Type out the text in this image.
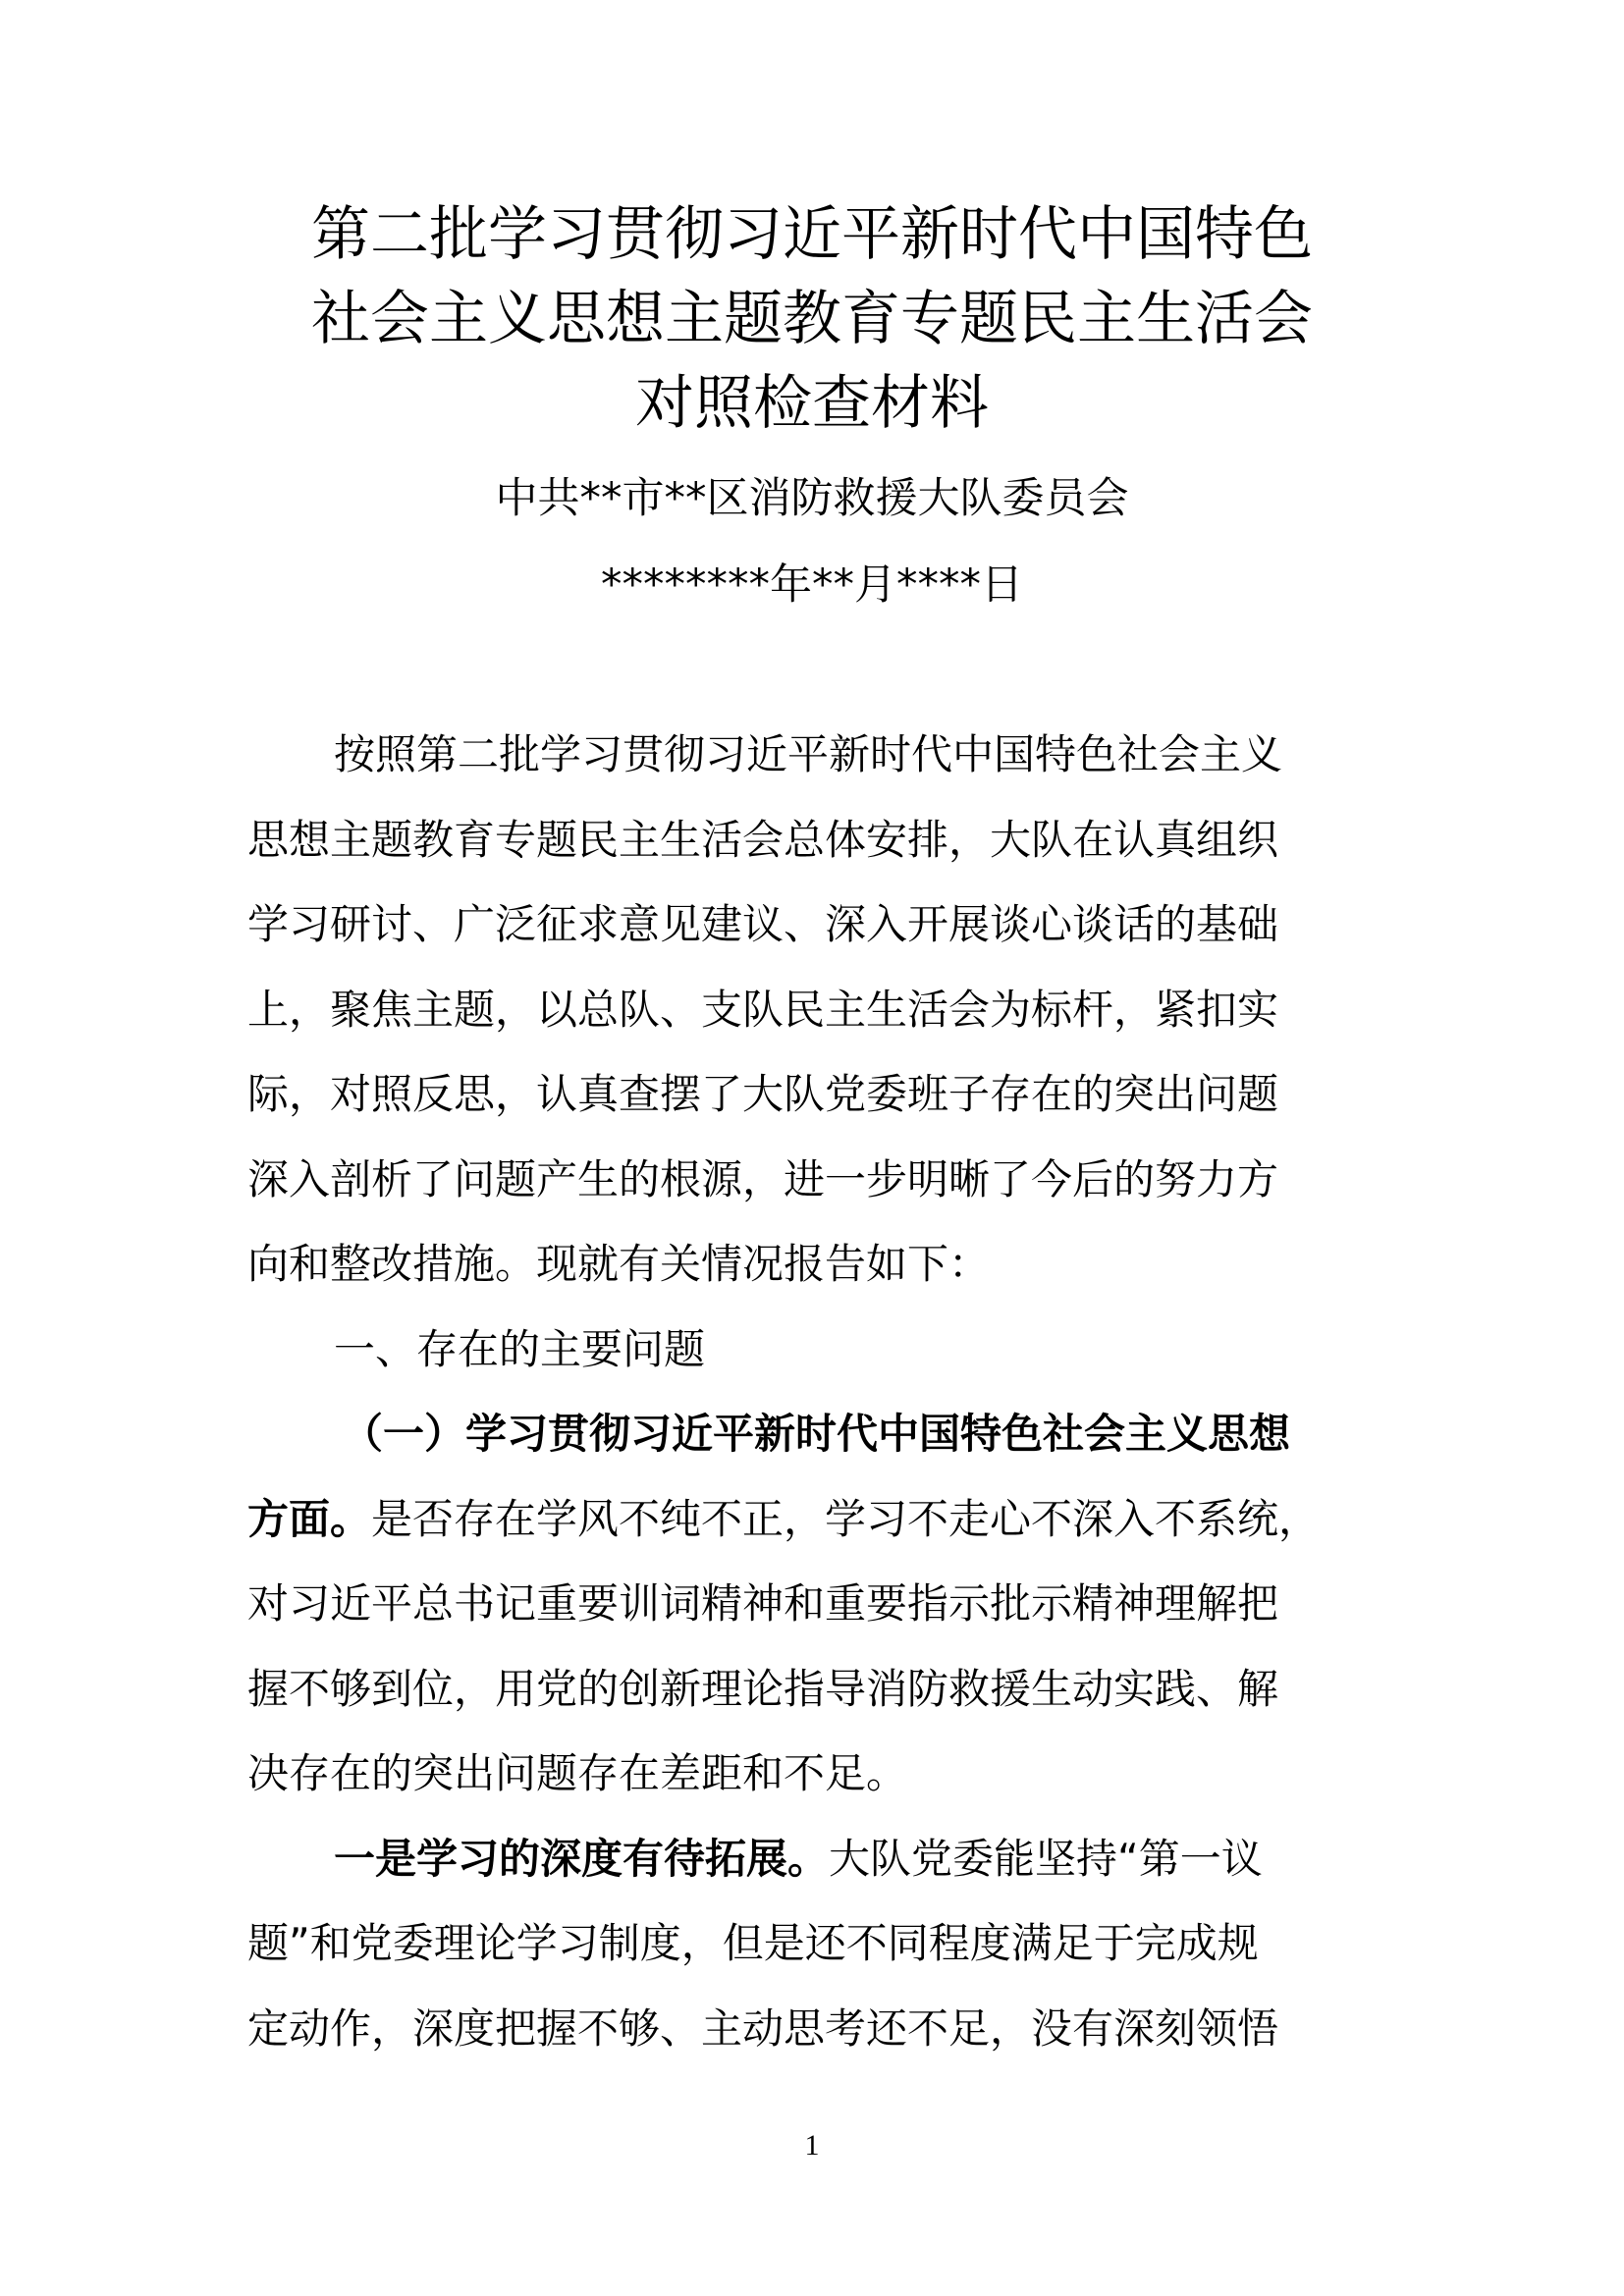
第二批学习贯彻习近平新时代中国特色
社会主义思想主题教育专题民主生活会
对照检查材料
中共**市**区消防救援大队委员会
********年**月****日
按照第二批学习贯彻习近平新时代中国特色社会主义
思想主题教育专题民主生活会总体安排，大队在认真组织
学习研讨、广泛征求意见建议、深入开展谈心谈话的基础
上，聚焦主题，以总队、支队民主生活会为标杆，紧扣实
际，对照反思，认真查摆了大队党委班子存在的突出问题
深入剖析了问题产生的根源，进一步明晰了今后的努力方
向和整改措施。现就有关情况报告如下：
一、存在的主要问题
（一）学习贯彻习近平新时代中国特色社会主义思想
方面。是否存在学风不纯不正，学习不走心不深入不系统，
对习近平总书记重要训词精神和重要指示批示精神理解把
握不够到位，用党的创新理论指导消防救援生动实践、解
决存在的突出问题存在差距和不足。
一是学习的深度有待拓展。大队党委能坚持“第一议
题”和党委理论学习制度，但是还不同程度满足于完成规
定动作，深度把握不够、主动思考还不足，没有深刻领悟
1
